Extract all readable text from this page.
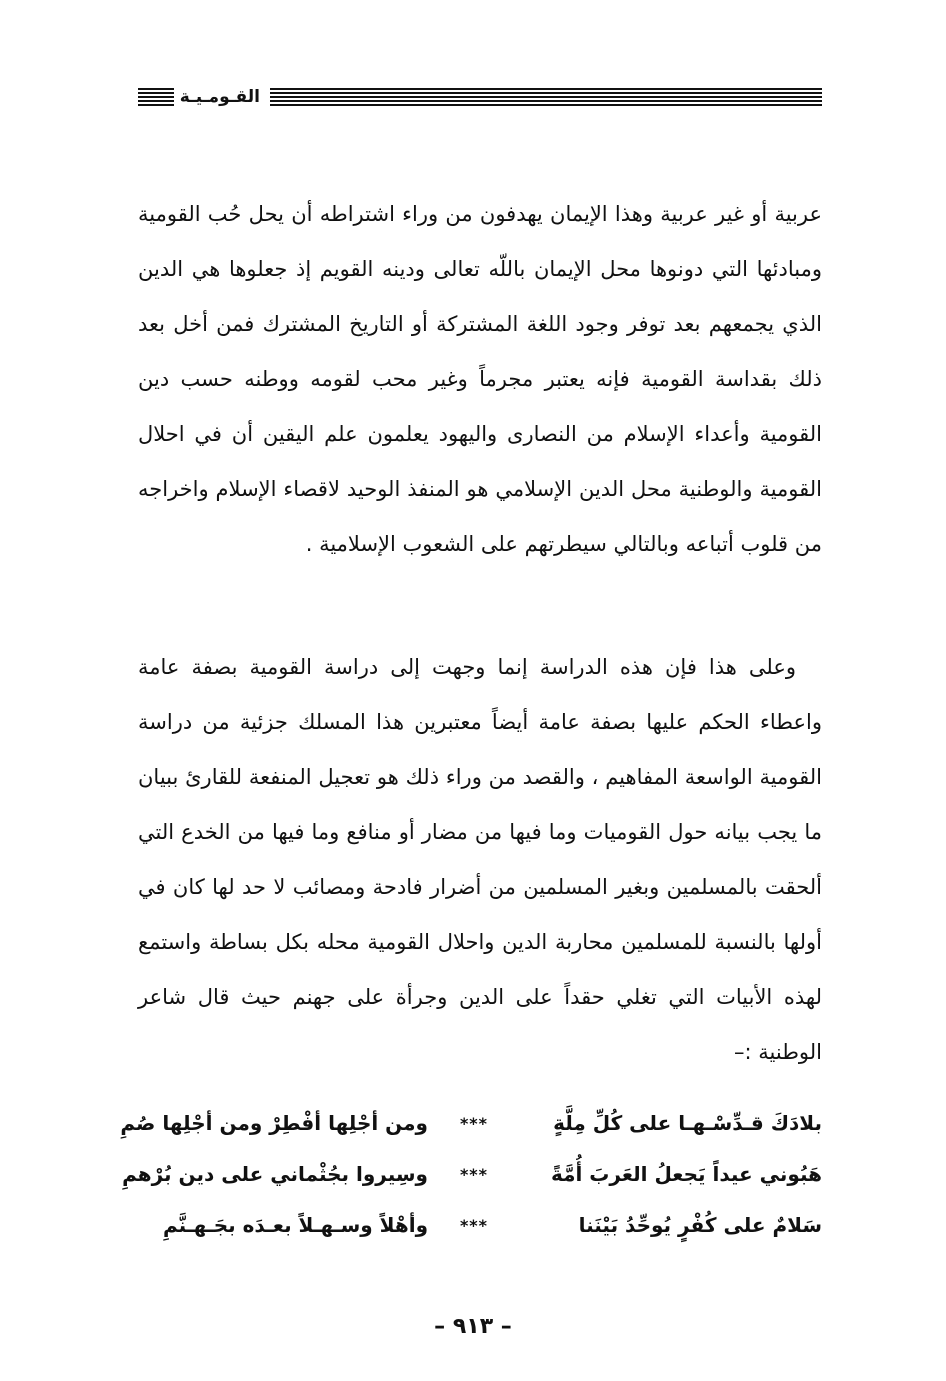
القـومـيـة

عربية أو غير عربية وهذا الإيمان يهدفون من وراء اشتراطه أن يحل حُب القومية ومبادئها التي دونوها محل الإيمان باللّه تعالى ودينه القويم إذ جعلوها هي الدين الذي يجمعهم بعد توفر وجود اللغة المشتركة أو التاريخ المشترك فمن أخل بعد ذلك بقداسة القومية فإنه يعتبر مجرماً وغير محب لقومه ووطنه حسب دين القومية وأعداء الإسلام من النصارى واليهود يعلمون علم اليقين أن في احلال القومية والوطنية محل الدين الإسلامي هو المنفذ الوحيد لاقصاء الإسلام واخراجه من قلوب أتباعه وبالتالي سيطرتهم على الشعوب الإسلامية .

وعلى هذا فإن هذه الدراسة إنما وجهت إلى دراسة القومية بصفة عامة واعطاء الحكم عليها بصفة عامة أيضاً معتبرين هذا المسلك جزئية من دراسة القومية الواسعة المفاهيم ، والقصد من وراء ذلك هو تعجيل المنفعة للقارئ ببيان ما يجب بيانه حول القوميات وما فيها من مضار أو منافع وما فيها من الخدع التي ألحقت بالمسلمين وبغير المسلمين من أضرار فادحة ومصائب لا حد لها كان في أولها بالنسبة للمسلمين محاربة الدين واحلال القومية محله بكل بساطة واستمع لهذه الأبيات التي تغلي حقداً على الدين وجرأة على جهنم حيث قال شاعر الوطنية :–

بلادَكَ قـدِّسْـهـا على كُلِّ مِلَّةٍ
***
ومن أجْلِها أفْطِرْ ومن أجْلِها صُمِ
هَبُوني عيداً يَجعلُ العَربَ أُمَّةً
***
وسِيروا بجُثْماني على دين بُرْهمِ
سَلامٌ على كُفْرٍ يُوحِّدُ بَيْنَنا
***
وأهْلاً وسـهـلاً بعـدَه بجَـهـنَّمِ
– ٩١٣ –
